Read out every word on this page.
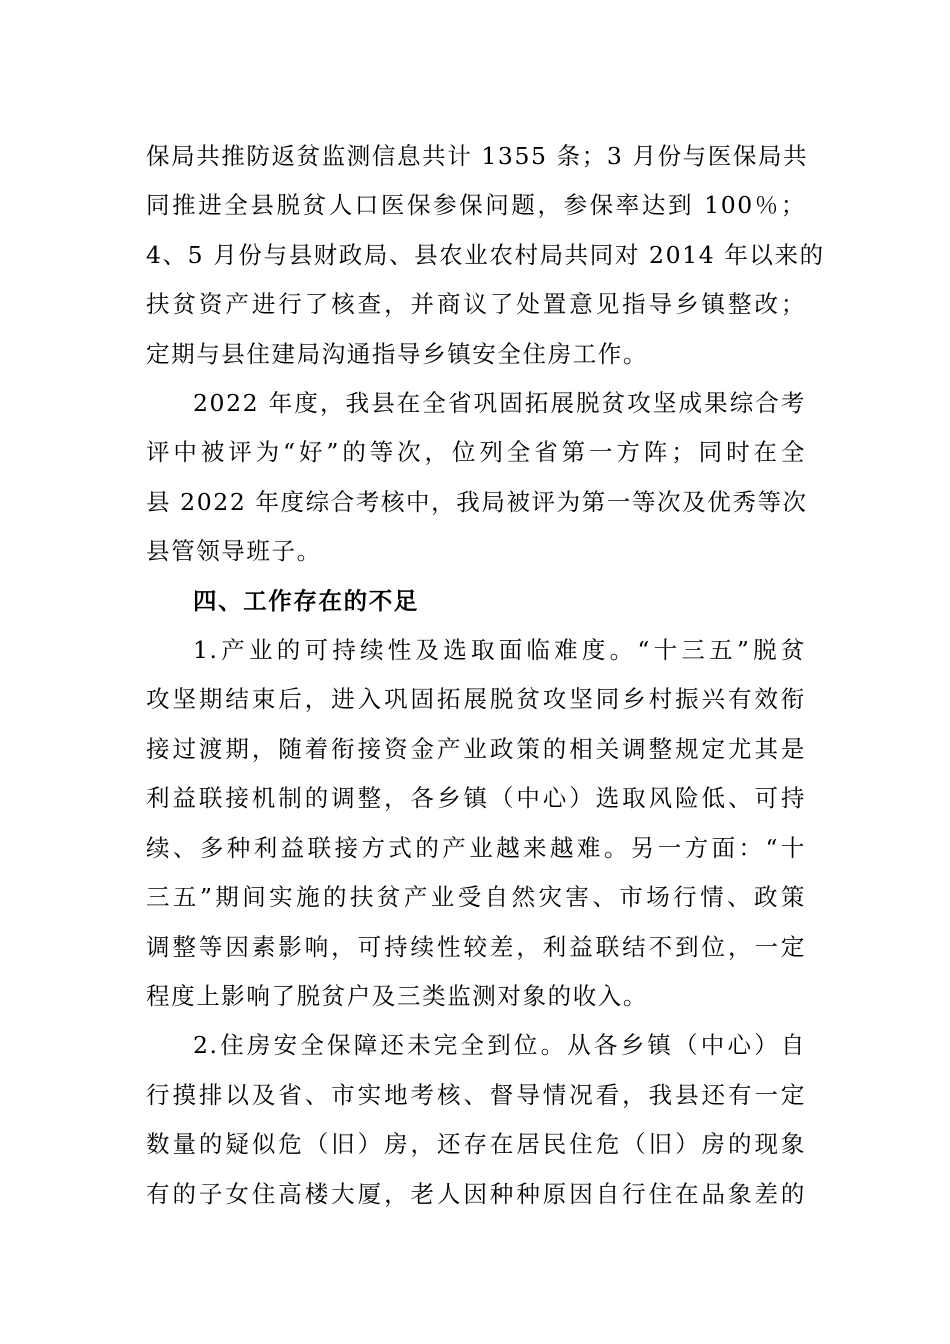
保局共推防返贫监测信息共计 1355 条；3 月份与医保局共
同推进全县脱贫人口医保参保问题，参保率达到 100％；
4、5 月份与县财政局、县农业农村局共同对 2014 年以来的
扶贫资产进行了核查，并商议了处置意见指导乡镇整改；
定期与县住建局沟通指导乡镇安全住房工作。

2022 年度，我县在全省巩固拓展脱贫攻坚成果综合考
评中被评为“好”的等次，位列全省第一方阵；同时在全
县 2022 年度综合考核中，我局被评为第一等次及优秀等次
县管领导班子。

四、工作存在的不足

1.产业的可持续性及选取面临难度。“十三五”脱贫
攻坚期结束后，进入巩固拓展脱贫攻坚同乡村振兴有效衔
接过渡期，随着衔接资金产业政策的相关调整规定尤其是
利益联接机制的调整，各乡镇（中心）选取风险低、可持
续、多种利益联接方式的产业越来越难。另一方面：“十
三五”期间实施的扶贫产业受自然灾害、市场行情、政策
调整等因素影响，可持续性较差，利益联结不到位，一定
程度上影响了脱贫户及三类监测对象的收入。

2.住房安全保障还未完全到位。从各乡镇（中心）自
行摸排以及省、市实地考核、督导情况看，我县还有一定
数量的疑似危（旧）房，还存在居民住危（旧）房的现象
有的子女住高楼大厦，老人因种种原因自行住在品象差的
